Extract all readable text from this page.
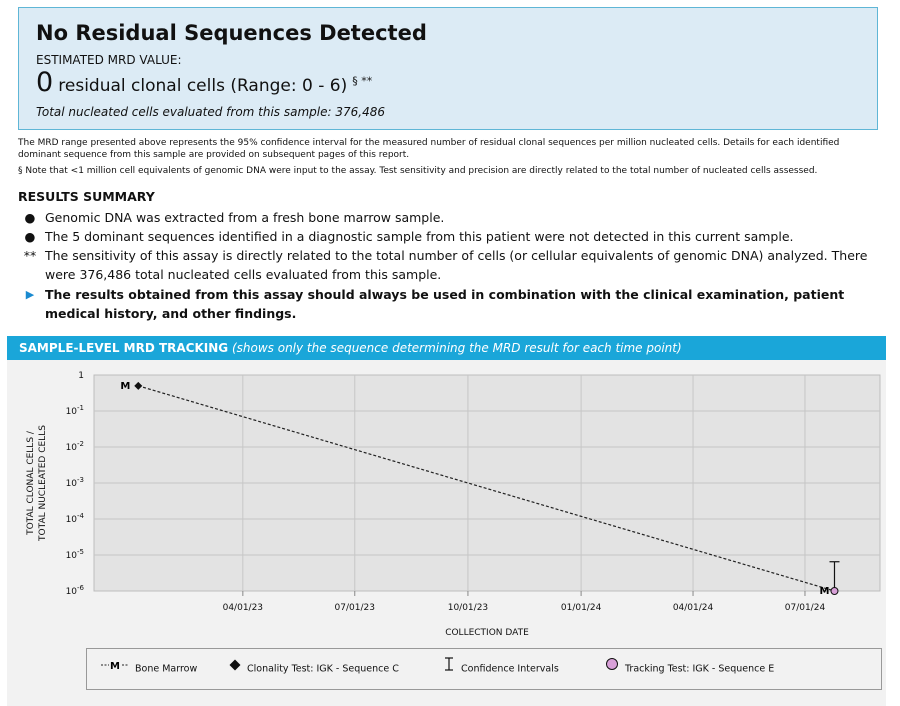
No Residual Sequences Detected
ESTIMATED MRD VALUE:
0 residual clonal cells (Range: 0 - 6) § **
Total nucleated cells evaluated from this sample: 376,486
The MRD range presented above represents the 95% confidence interval for the measured number of residual clonal sequences per million nucleated cells. Details for each identified dominant sequence from this sample are provided on subsequent pages of this report.
§ Note that <1 million cell equivalents of genomic DNA were input to the assay. Test sensitivity and precision are directly related to the total number of nucleated cells assessed.
RESULTS SUMMARY
● Genomic DNA was extracted from a fresh bone marrow sample.
● The 5 dominant sequences identified in a diagnostic sample from this patient were not detected in this current sample.
** The sensitivity of this assay is directly related to the total number of cells (or cellular equivalents of genomic DNA) analyzed. There were 376,486 total nucleated cells evaluated from this sample.
▶ The results obtained from this assay should always be used in combination with the clinical examination, patient medical history, and other findings.
SAMPLE-LEVEL MRD TRACKING (shows only the sequence determining the MRD result for each time point)
1
$10^{-1}$
$10^{-2}$
$10^{-3}$
$10^{-4}$
$10^{-5}$
$10^{-6}$
04/01/23	07/01/23	10/01/23	01/01/24	04/01/24	07/01/24
TOTAL CLONAL CELLS / TOTAL NUCLEATED CELLS
COLLECTION DATE
M
M
M Bone Marrow	Clonality Test: IGK - Sequence C	Confidence Intervals	Tracking Test: IGK - Sequence E
